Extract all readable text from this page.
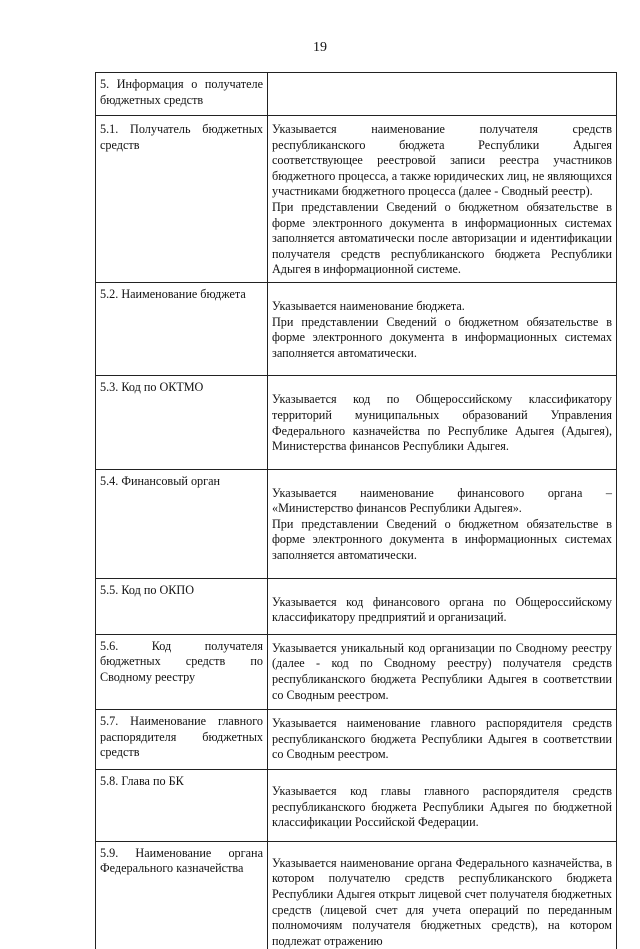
19
5. Информация о получателе бюджетных средств	
5.1. Получатель бюджетных средств	Указывается наименование получателя средств республиканского бюджета Республики Адыгея соответствующее реестровой записи реестра участников бюджетного процесса, а также юридических лиц, не являющихся участниками бюджетного процесса (далее - Сводный реестр).

При представлении Сведений о бюджетном обязательстве в форме электронного документа в информационных системах заполняется автоматически после авторизации и идентификации получателя средств республиканского бюджета Республики Адыгея в информационной системе.

5.2. Наименование бюджета	Указывается наименование бюджета.

При представлении Сведений о бюджетном обязательстве в форме электронного документа в информационных системах заполняется автоматически.

5.3. Код по ОКТМО	Указывается код по Общероссийскому классификатору территорий муниципальных образований Управления Федерального казначейства по Республике Адыгея (Адыгея), Министерства финансов Республики Адыгея.

5.4. Финансовый орган	Указывается наименование финансового органа – «Министерство финансов Республики Адыгея».

При представлении Сведений о бюджетном обязательстве в форме электронного документа в информационных системах заполняется автоматически.

5.5. Код по ОКПО	Указывается код финансового органа по Общероссийскому классификатору предприятий и организаций.

5.6. Код получателя бюджетных средств по Сводному реестру	Указывается уникальный код организации по Сводному реестру (далее - код по Сводному реестру) получателя средств республиканского бюджета Республики Адыгея в соответствии со Сводным реестром.

5.7. Наименование главного распорядителя бюджетных средств	Указывается наименование главного распорядителя средств республиканского бюджета Республики Адыгея в соответствии со Сводным реестром.

5.8. Глава по БК	Указывается код главы главного распорядителя средств республиканского бюджета Республики Адыгея по бюджетной классификации Российской Федерации.

5.9. Наименование органа Федерального казначейства	Указывается наименование органа Федерального казначейства, в котором получателю средств республиканского бюджета Республики Адыгея открыт лицевой счет получателя бюджетных средств (лицевой счет для учета операций по переданным полномочиям получателя бюджетных средств), на котором подлежат отражению
